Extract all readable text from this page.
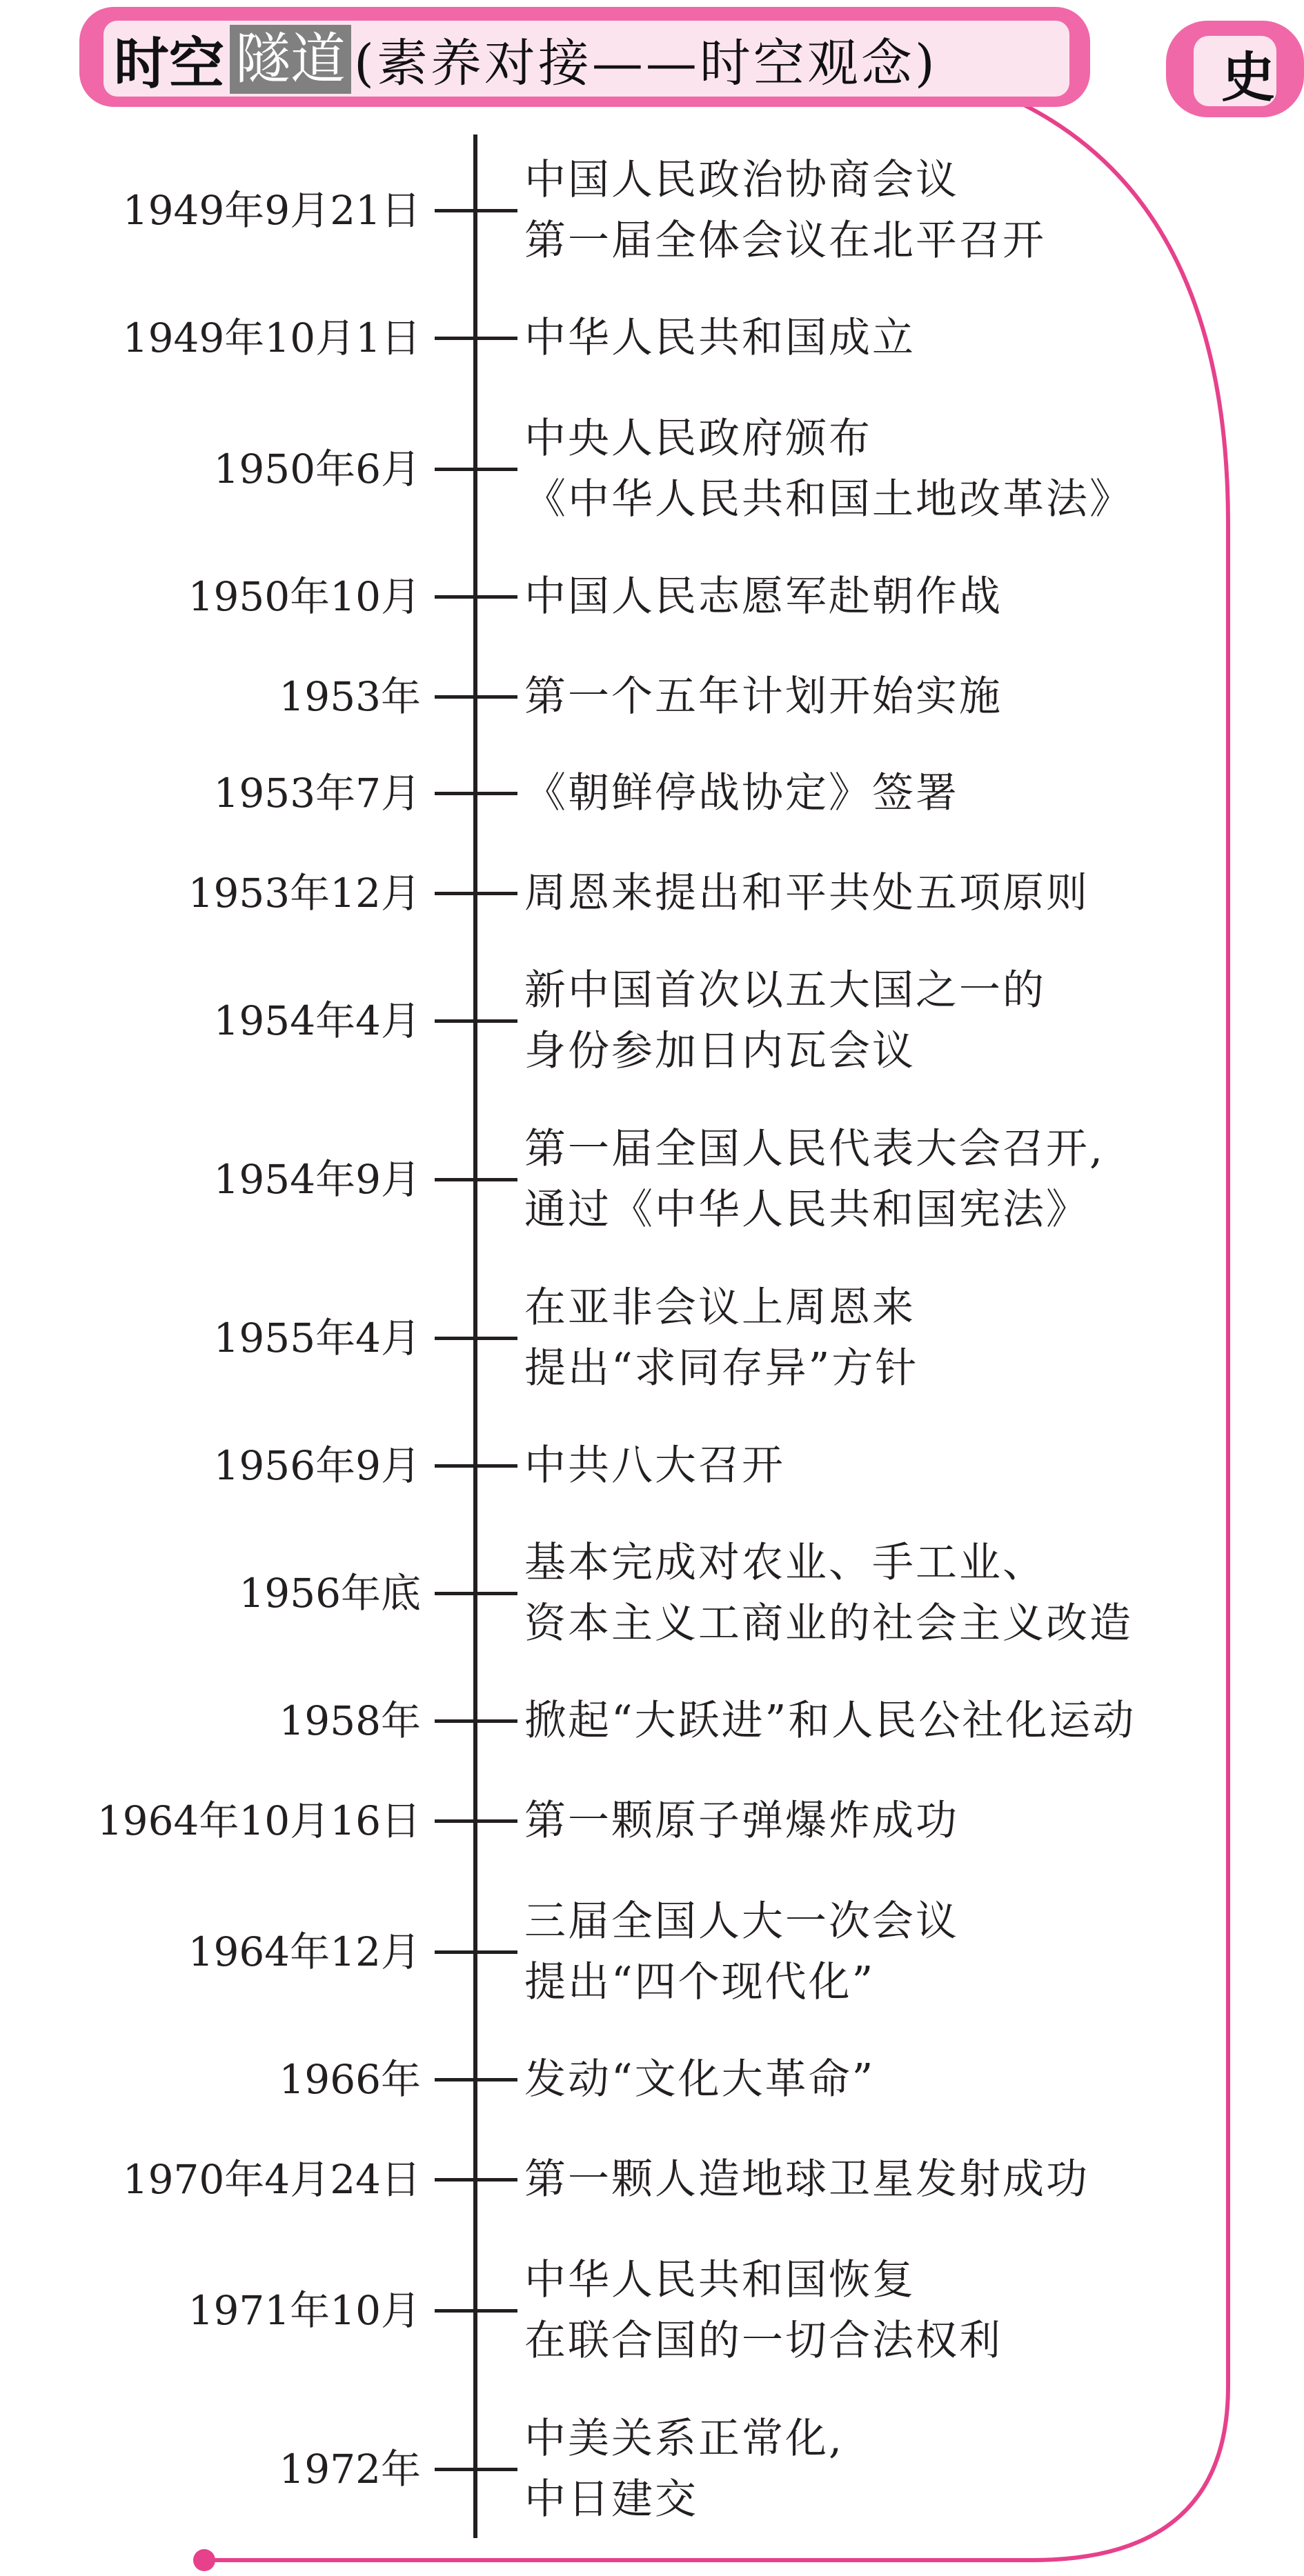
时空 隧道 (素养对接——时空观念)	史
1949年9月21日
中国人民政治协商会议
第一届全体会议在北平召开
1949年10月1日	中华人民共和国成立
1950年6月
中央人民政府颁布
《中华人民共和国土地改革法》
1950年10月	中国人民志愿军赴朝作战
1953年	第一个五年计划开始实施
1953年7月	《朝鲜停战协定》签署
1953年12月	周恩来提出和平共处五项原则
1954年4月
新中国首次以五大国之一的
身份参加日内瓦会议
1954年9月
第一届全国人民代表大会召开,
通过《中华人民共和国宪法》
1955年4月
在亚非会议上周恩来
提出“求同存异”方针
1956年9月	中共八大召开
1956年底
基本完成对农业、手工业、
资本主义工商业的社会主义改造
1958年	掀起“大跃进”和人民公社化运动
1964年10月16日	第一颗原子弹爆炸成功
1964年12月
三届全国人大一次会议
提出“四个现代化”
1966年	发动“文化大革命”
1970年4月24日	第一颗人造地球卫星发射成功
1971年10月
中华人民共和国恢复
在联合国的一切合法权利
1972年
中美关系正常化,
中日建交
